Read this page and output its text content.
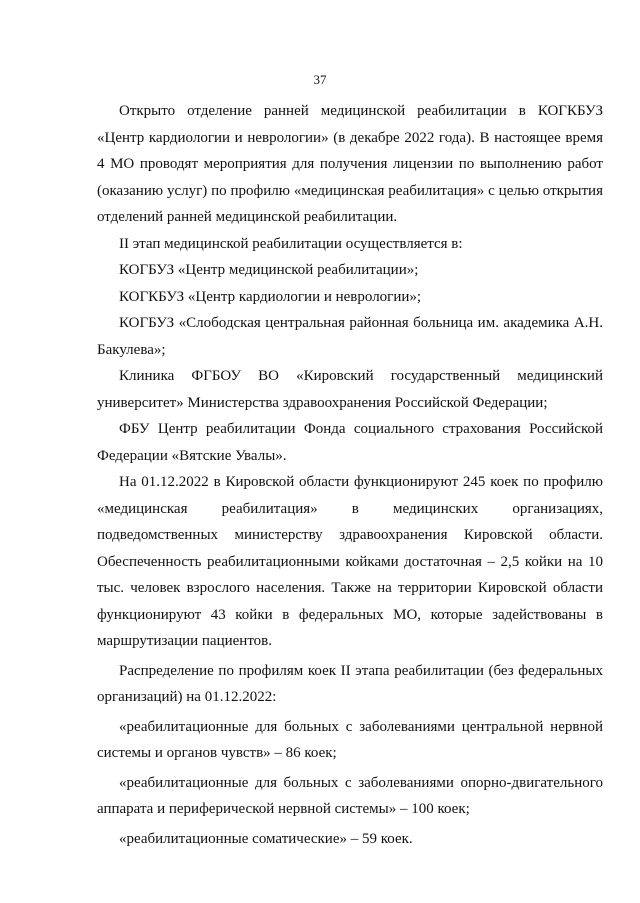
37

Открыто отделение ранней медицинской реабилитации в КОГКБУЗ «Центр кардиологии и неврологии» (в декабре 2022 года). В настоящее время 4 МО проводят мероприятия для получения лицензии по выполнению работ (оказанию услуг) по профилю «медицинская реабилитация» с целью открытия отделений ранней медицинской реабилитации.

II этап медицинской реабилитации осуществляется в:

КОГБУЗ «Центр медицинской реабилитации»;

КОГКБУЗ «Центр кардиологии и неврологии»;

КОГБУЗ «Слободская центральная районная больница им. академика А.Н. Бакулева»;

Клиника ФГБОУ ВО «Кировский государственный медицинский университет» Министерства здравоохранения Российской Федерации;

ФБУ Центр реабилитации Фонда социального страхования Российской Федерации «Вятские Увалы».

На 01.12.2022 в Кировской области функционируют 245 коек по профилю «медицинская реабилитация» в медицинских организациях, подведомственных министерству здравоохранения Кировской области. Обеспеченность реабилитационными койками достаточная – 2,5 койки на 10 тыс. человек взрослого населения. Также на территории Кировской области функционируют 43 койки в федеральных МО, которые задействованы в маршрутизации пациентов.

Распределение по профилям коек II этапа реабилитации (без федеральных организаций) на 01.12.2022:

«реабилитационные для больных с заболеваниями центральной нервной системы и органов чувств» – 86 коек;

«реабилитационные для больных с заболеваниями опорно-двигательного аппарата и периферической нервной системы» – 100 коек;

«реабилитационные соматические» – 59 коек.
